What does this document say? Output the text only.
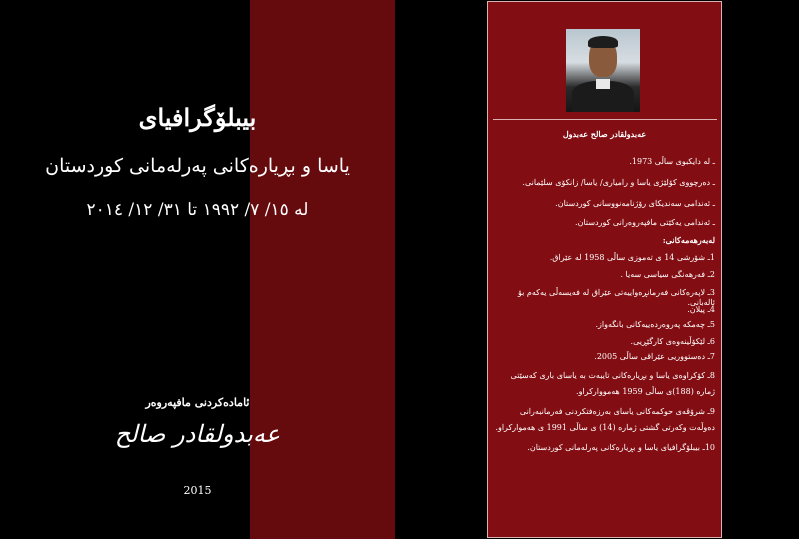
بیبلۆگرافیای
یاسا و بڕیارەکانی پەرلەمانی کوردستان
لە ١٥/ ٧/ ١٩٩٢ تا ٣١/ ١٢/ ٢٠١٤
ئامادەکردنی مافپەروەر
عەبدولقادر صالح
2015
عەبدولقادر صالح عەبدول
ـ لە دایکبوی ساڵی 1973.
ـ دەرچووی کۆلێژی یاسا و رامیاری/ یاسا/ زانکۆی سلێمانی.
ـ ئەندامی سەندیکای رۆژنامەنووسانی کوردستان.
ـ ئەندامی یەکێتی مافپەروەرانی کوردستان.
لەبەرهەمەکانی:
1ـ شۆرشی 14 ی تەموزی ساڵی 1958 لە عێراق.
2ـ فەرهەنگی سیاسی سەیا .
3ـ لاپەرەکانی فەرمانڕەواییەتی عێراق لە فەیسەڵی یەکەم بۆ ئالەبانی.
4ـ پیلان.
5ـ چەمکە پەروەردەییەکانی بانگەواز.
6ـ لێکۆڵینەوەی کارگێڕیی.
7ـ دەستووریی عێراقی ساڵی 2005.
8ـ کۆکراوەی یاسا و بڕیارەکانی تایبەت بە یاسای باری کەسێتی ژمارە (188)ی ساڵی 1959 هەمووارکراو.
9ـ شرۆڤەی حوکمەکانی یاسای بەرزەفتکردنی فەرمانبەرانی دەوڵەت وکەرتی گشتی ژمارە (14) ی ساڵی 1991 ی هەموارکراو.
10ـ بیبلۆگرافیای یاسا و بڕیارەکانی پەرلەمانی کوردستان.
